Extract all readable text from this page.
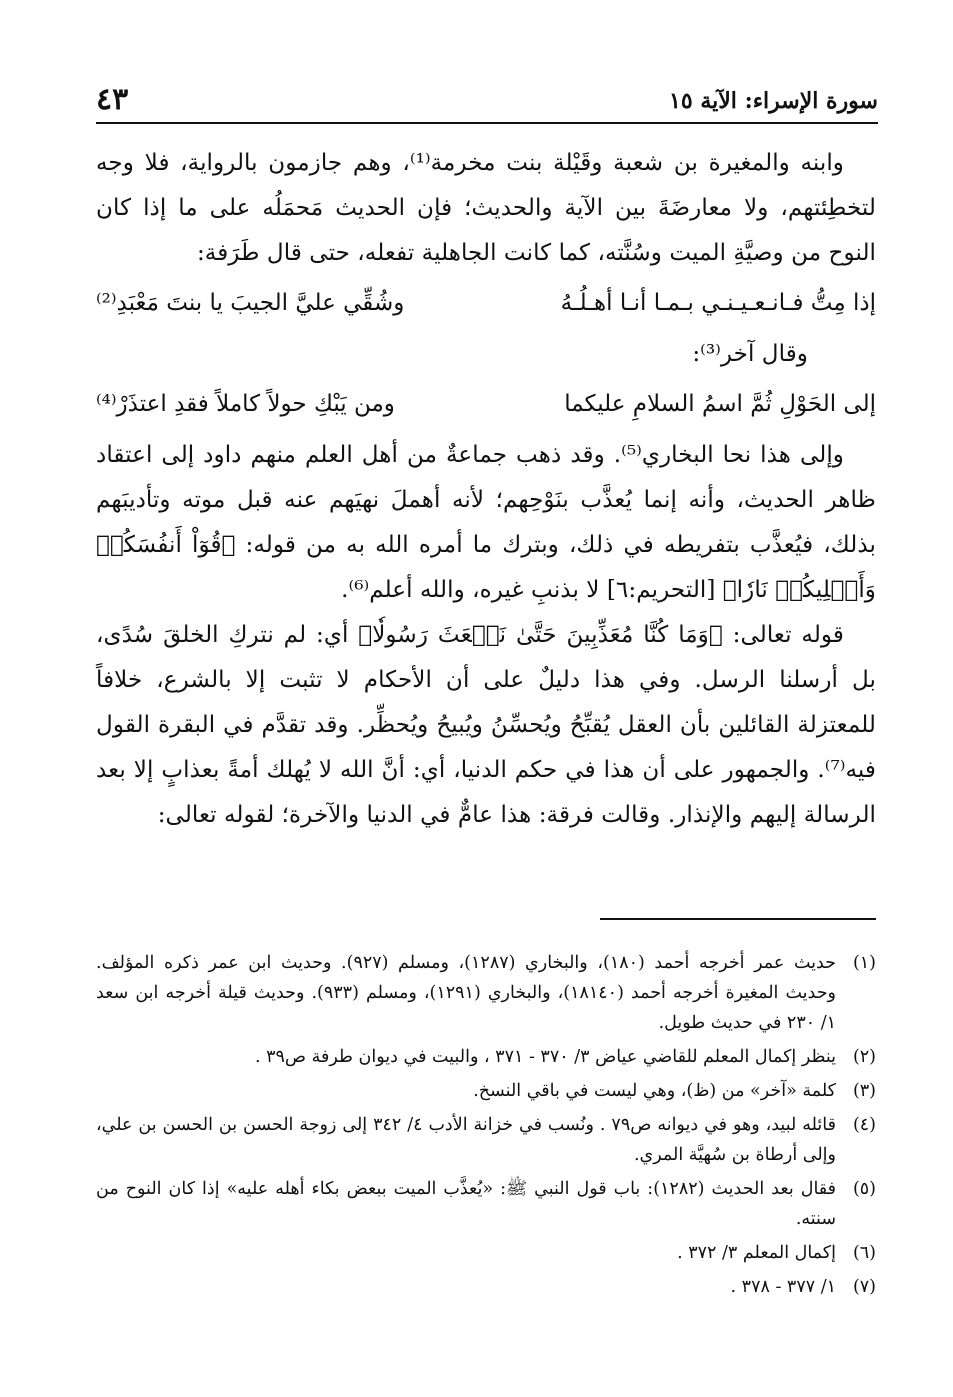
٤٣	سورة الإسراء: الآية ١٥

وابنه والمغيرة بن شعبة وقَيْلة بنت مخرمة⁽¹⁾، وهم جازمون بالرواية، فلا وجه لتخطِئتهم، ولا معارضَةَ بين الآية والحديث؛ فإن الحديث مَحمَلُه على ما إذا كان النوح من وصيَّةِ الميت وسُنَّته، كما كانت الجاهلية تفعله، حتى قال طَرَفة:

إذا مِتُّ فـانـعـيـنـي بـمـا أنـا أهـلُـهُ
وشُقِّي عليَّ الجيبَ يا بنتَ مَعْبَدِ⁽²⁾

وقال آخر⁽³⁾:

إلى الحَوْلِ ثُمَّ اسمُ السلامِ عليكما
ومن يَبْكِ حولاً كاملاً فقدِ اعتذَرْ⁽⁴⁾

وإلى هذا نحا البخاري⁽⁵⁾. وقد ذهب جماعةٌ من أهل العلم منهم داود إلى اعتقاد ظاهر الحديث، وأنه إنما يُعذَّب بنَوْحِهم؛ لأنه أهملَ نهيَهم عنه قبل موته وتأديبَهم بذلك، فيُعذَّب بتفريطه في ذلك، وبترك ما أمره الله به من قوله: ﴿قُوٓاْ أَنفُسَكُمۡ وَأَهۡلِيكُمۡ نَارٗا﴾ [التحريم:٦] لا بذنبِ غيره، والله أعلم⁽⁶⁾.

قوله تعالى: ﴿وَمَا كُنَّا مُعَذِّبِينَ حَتَّىٰ نَبۡعَثَ رَسُولٗا﴾ أي: لم نتركِ الخلقَ سُدًى، بل أرسلنا الرسل. وفي هذا دليلٌ على أن الأحكام لا تثبت إلا بالشرع، خلافاً للمعتزلة القائلين بأن العقل يُقبِّحُ ويُحسِّنُ ويُبيحُ ويُحظِّر. وقد تقدَّم في البقرة القول فيه⁽⁷⁾. والجمهور على أن هذا في حكم الدنيا، أي: أنَّ الله لا يُهلك أمةً بعذابٍ إلا بعد الرسالة إليهم والإنذار. وقالت فرقة: هذا عامٌّ في الدنيا والآخرة؛ لقوله تعالى:

(١)
حديث عمر أخرجه أحمد (١٨٠)، والبخاري (١٢٨٧)، ومسلم (٩٢٧). وحديث ابن عمر ذكره المؤلف. وحديث المغيرة أخرجه أحمد (١٨١٤٠)، والبخاري (١٢٩١)، ومسلم (٩٣٣). وحديث قيلة أخرجه ابن سعد ١/ ٢٣٠ في حديث طويل.
(٢)
ينظر إكمال المعلم للقاضي عياض ٣/ ٣٧٠ - ٣٧١ ، والبيت في ديوان طرفة ص٣٩ .
(٣)
كلمة «آخر» من (ظ)، وهي ليست في باقي النسخ.
(٤)
قائله لبيد، وهو في ديوانه ص٧٩ . ونُسب في خزانة الأدب ٤/ ٣٤٢ إلى زوجة الحسن بن الحسن بن علي، وإلى أرطاة بن سُهيَّة المري.
(٥)
فقال بعد الحديث (١٢٨٢): باب قول النبي ﷺ: «يُعذَّب الميت ببعض بكاء أهله عليه» إذا كان النوح من سنته.
(٦)
إكمال المعلم ٣/ ٣٧٢ .
(٧)
١/ ٣٧٧ - ٣٧٨ .
